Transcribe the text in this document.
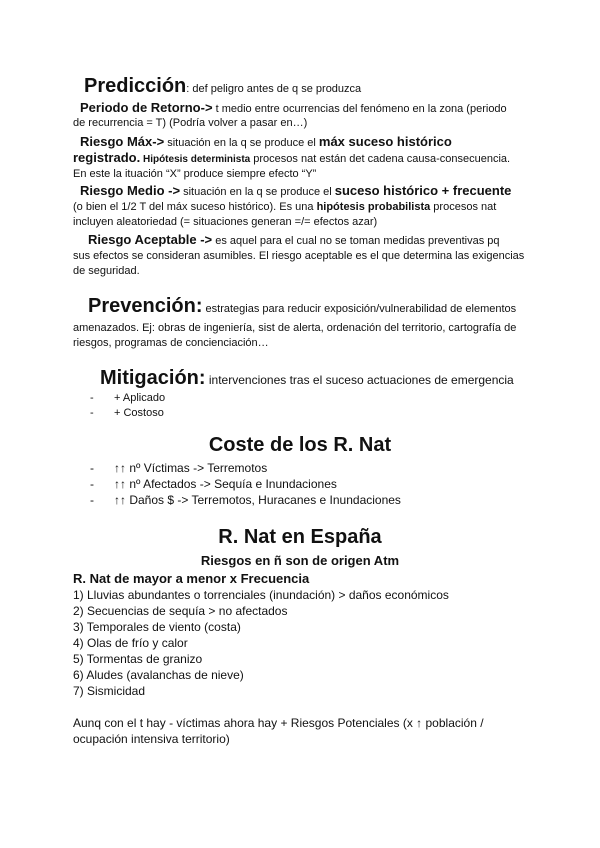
Predicción: def peligro antes de q se produzca
Periodo de Retorno-> t medio entre ocurrencias del fenómeno en la zona (periodo
de recurrencia = T) (Podría volver a pasar en…)
Riesgo Máx-> situación en la q se produce el máx suceso histórico
registrado. Hipótesis determinista procesos nat están det cadena causa-consecuencia.
En este la ituación “X” produce siempre efecto “Y”
Riesgo Medio -> situación en la q se produce el suceso histórico + frecuente
(o bien el 1/2 T del máx suceso histórico). Es una hipótesis probabilista procesos nat
incluyen aleatoriedad (= situaciones generan =/= efectos azar)
Riesgo Aceptable -> es aquel para el cual no se toman medidas preventivas pq
sus efectos se consideran asumibles. El riesgo aceptable es el que determina las exigencias
de seguridad.
Prevención: estrategias para reducir exposición/vulnerabilidad de elementos
amenazados. Ej: obras de ingeniería, sist de alerta, ordenación del territorio, cartografía de
riesgos, programas de concienciación…
Mitigación: intervenciones tras el suceso actuaciones de emergencia
- + Aplicado
- + Costoso
Coste de los R. Nat
- ↑↑ nº Víctimas -> Terremotos
- ↑↑ nº Afectados -> Sequía e Inundaciones
- ↑↑ Daños $ -> Terremotos, Huracanes e Inundaciones
R. Nat en España
Riesgos en ñ son de origen Atm
R. Nat de mayor a menor x Frecuencia
1) Lluvias abundantes o torrenciales (inundación) > daños económicos
2) Secuencias de sequía > no afectados
3) Temporales de viento (costa)
4) Olas de frío y calor
5) Tormentas de granizo
6) Aludes (avalanchas de nieve)
7) Sismicidad
Aunq con el t hay - víctimas ahora hay + Riesgos Potenciales (x ↑ población /
ocupación intensiva territorio)
